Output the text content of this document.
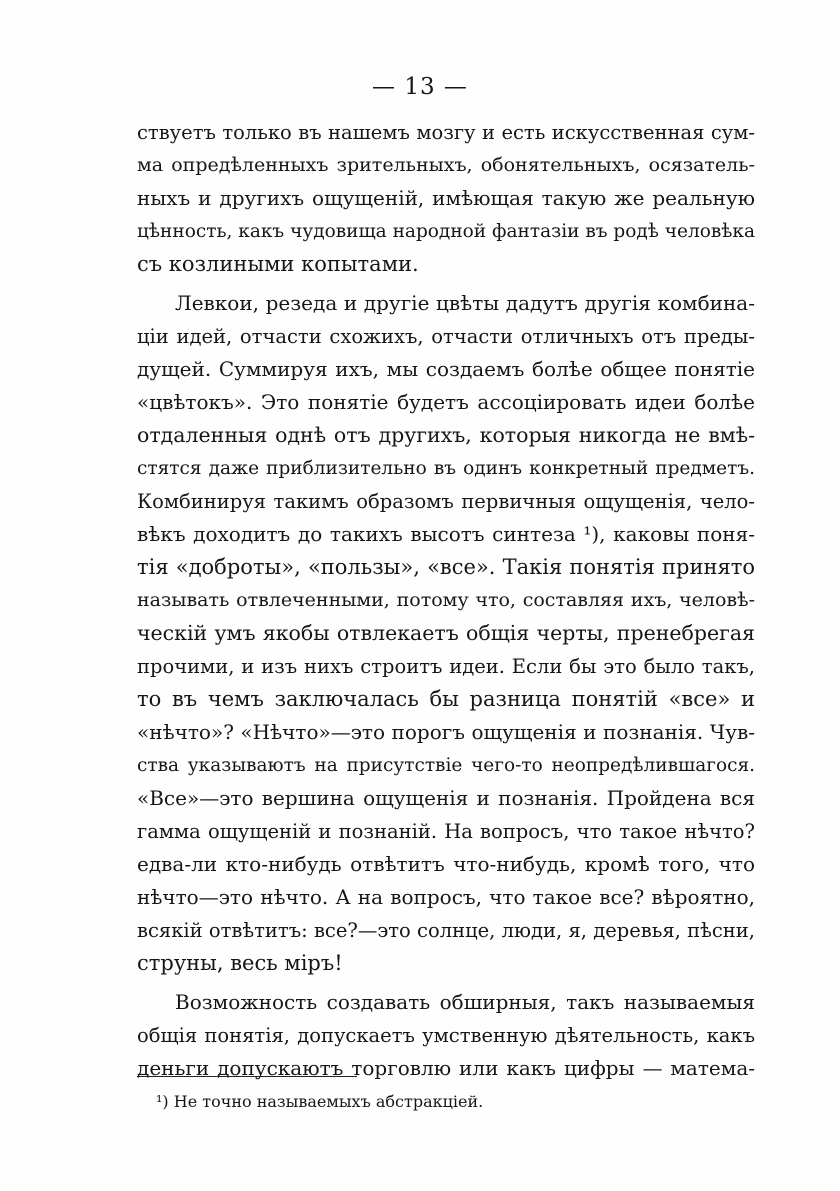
— 13 —
ствуетъ только въ нашемъ мозгу и есть искусственная сум-
ма опредѣленныхъ зрительныхъ, обонятельныхъ, осязатель-
ныхъ и другихъ ощущеній, имѣющая такую же реальную
цѣнность, какъ чудовища народной фантазіи въ родѣ человѣка
съ козлиными копытами.
Левкои, резеда и другіе цвѣты дадутъ другія комбина-
ціи идей, отчасти схожихъ, отчасти отличныхъ отъ преды-
дущей. Суммируя ихъ, мы создаемъ болѣе общее понятіе
«цвѣтокъ». Это понятіе будетъ ассоціировать идеи болѣе
отдаленныя однѣ отъ другихъ, которыя никогда не вмѣ-
стятся даже приблизительно въ одинъ конкретный предметъ.
Комбинируя такимъ образомъ первичныя ощущенія, чело-
вѣкъ доходитъ до такихъ высотъ синтеза ¹), каковы поня-
тія «доброты», «пользы», «все». Такія понятія принято
называть отвлеченными, потому что, составляя ихъ, человѣ-
ческій умъ якобы отвлекаетъ общія черты, пренебрегая
прочими, и изъ нихъ строитъ идеи. Если бы это было такъ,
то въ чемъ заключалась бы разница понятій «все» и
«нѣчто»? «Нѣчто»—это порогъ ощущенія и познанія. Чув-
ства указываютъ на присутствіе чего-то неопредѣлившагося.
«Все»—это вершина ощущенія и познанія. Пройдена вся
гамма ощущеній и познаній. На вопросъ, что такое нѣчто?
едва-ли кто-нибудь отвѣтитъ что-нибудь, кромѣ того, что
нѣчто—это нѣчто. А на вопросъ, что такое все? вѣроятно,
всякій отвѣтитъ: все?—это солнце, люди, я, деревья, пѣсни,
струны, весь міръ!
Возможность создавать обширныя, такъ называемыя
общія понятія, допускаетъ умственную дѣятельность, какъ
деньги допускаютъ торговлю или какъ цифры — матема-
¹) Не точно называемыхъ абстракціей.
